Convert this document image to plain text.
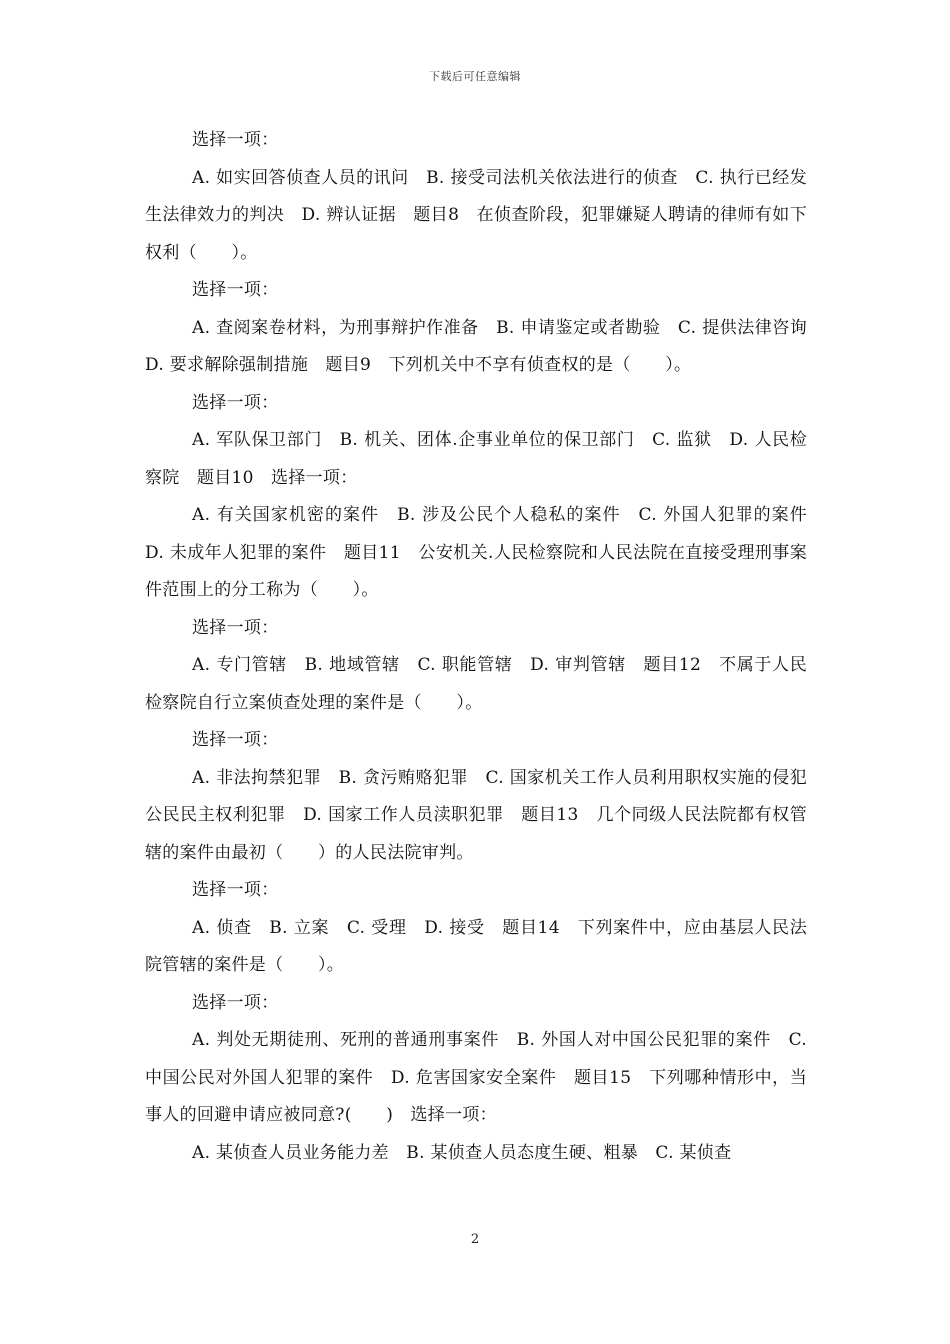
下载后可任意编辑

选择一项：

A. 如实回答侦查人员的讯问　B. 接受司法机关依法进行的侦查　C. 执行已经发生法律效力的判决　D. 辨认证据　题目8　在侦查阶段，犯罪嫌疑人聘请的律师有如下权利（　　）。

选择一项：

A. 查阅案卷材料，为刑事辩护作准备　B. 申请鉴定或者勘验　C. 提供法律咨询　D. 要求解除强制措施　题目9　下列机关中不享有侦查权的是（　　）。

选择一项：

A. 军队保卫部门　B. 机关、团体.企事业单位的保卫部门　C. 监狱　D. 人民检察院　题目10　选择一项：

A. 有关国家机密的案件　B. 涉及公民个人稳私的案件　C. 外国人犯罪的案件　D. 未成年人犯罪的案件　题目11　公安机关.人民检察院和人民法院在直接受理刑事案件范围上的分工称为（　　）。

选择一项：

A. 专门管辖　B. 地域管辖　C. 职能管辖　D. 审判管辖　题目12　不属于人民检察院自行立案侦查处理的案件是（　　）。

选择一项：

A. 非法拘禁犯罪　B. 贪污贿赂犯罪　C. 国家机关工作人员利用职权实施的侵犯公民民主权利犯罪　D. 国家工作人员渎职犯罪　题目13　几个同级人民法院都有权管辖的案件由最初（　　）的人民法院审判。

选择一项：

A. 侦查　B. 立案　C. 受理　D. 接受　题目14　下列案件中，应由基层人民法院管辖的案件是（　　）。

选择一项：

A. 判处无期徒刑、死刑的普通刑事案件　B. 外国人对中国公民犯罪的案件　C. 中国公民对外国人犯罪的案件　D. 危害国家安全案件　题目15　下列哪种情形中，当事人的回避申请应被同意?(　　)　选择一项：

A. 某侦查人员业务能力差　B. 某侦查人员态度生硬、粗暴　C. 某侦查

2
